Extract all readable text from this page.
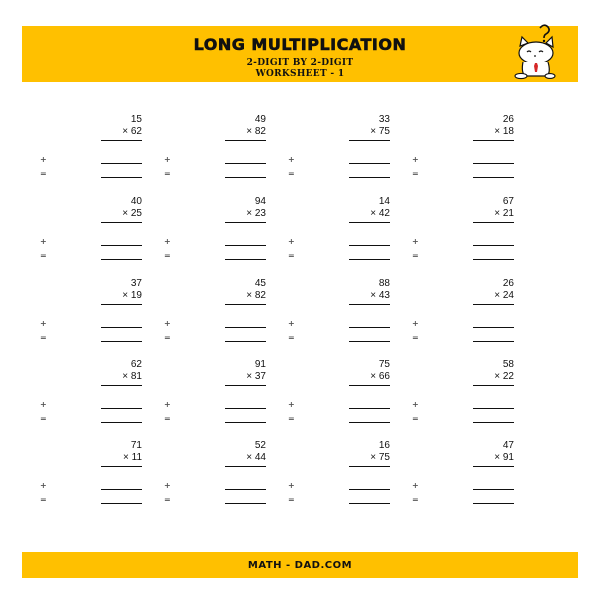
LONG MULTIPLICATION
2-DIGIT BY 2-DIGIT
WORKSHEET - 1
15
× 62
+
=
49
× 82
+
=
33
× 75
+
=
26
× 18
+
=
40
× 25
+
=
94
× 23
+
=
14
× 42
+
=
67
× 21
+
=
37
× 19
+
=
45
× 82
+
=
88
× 43
+
=
26
× 24
+
=
62
× 81
+
=
91
× 37
+
=
75
× 66
+
=
58
× 22
+
=
71
× 11
+
=
52
× 44
+
=
16
× 75
+
=
47
× 91
+
=
MATH - DAD.COM
